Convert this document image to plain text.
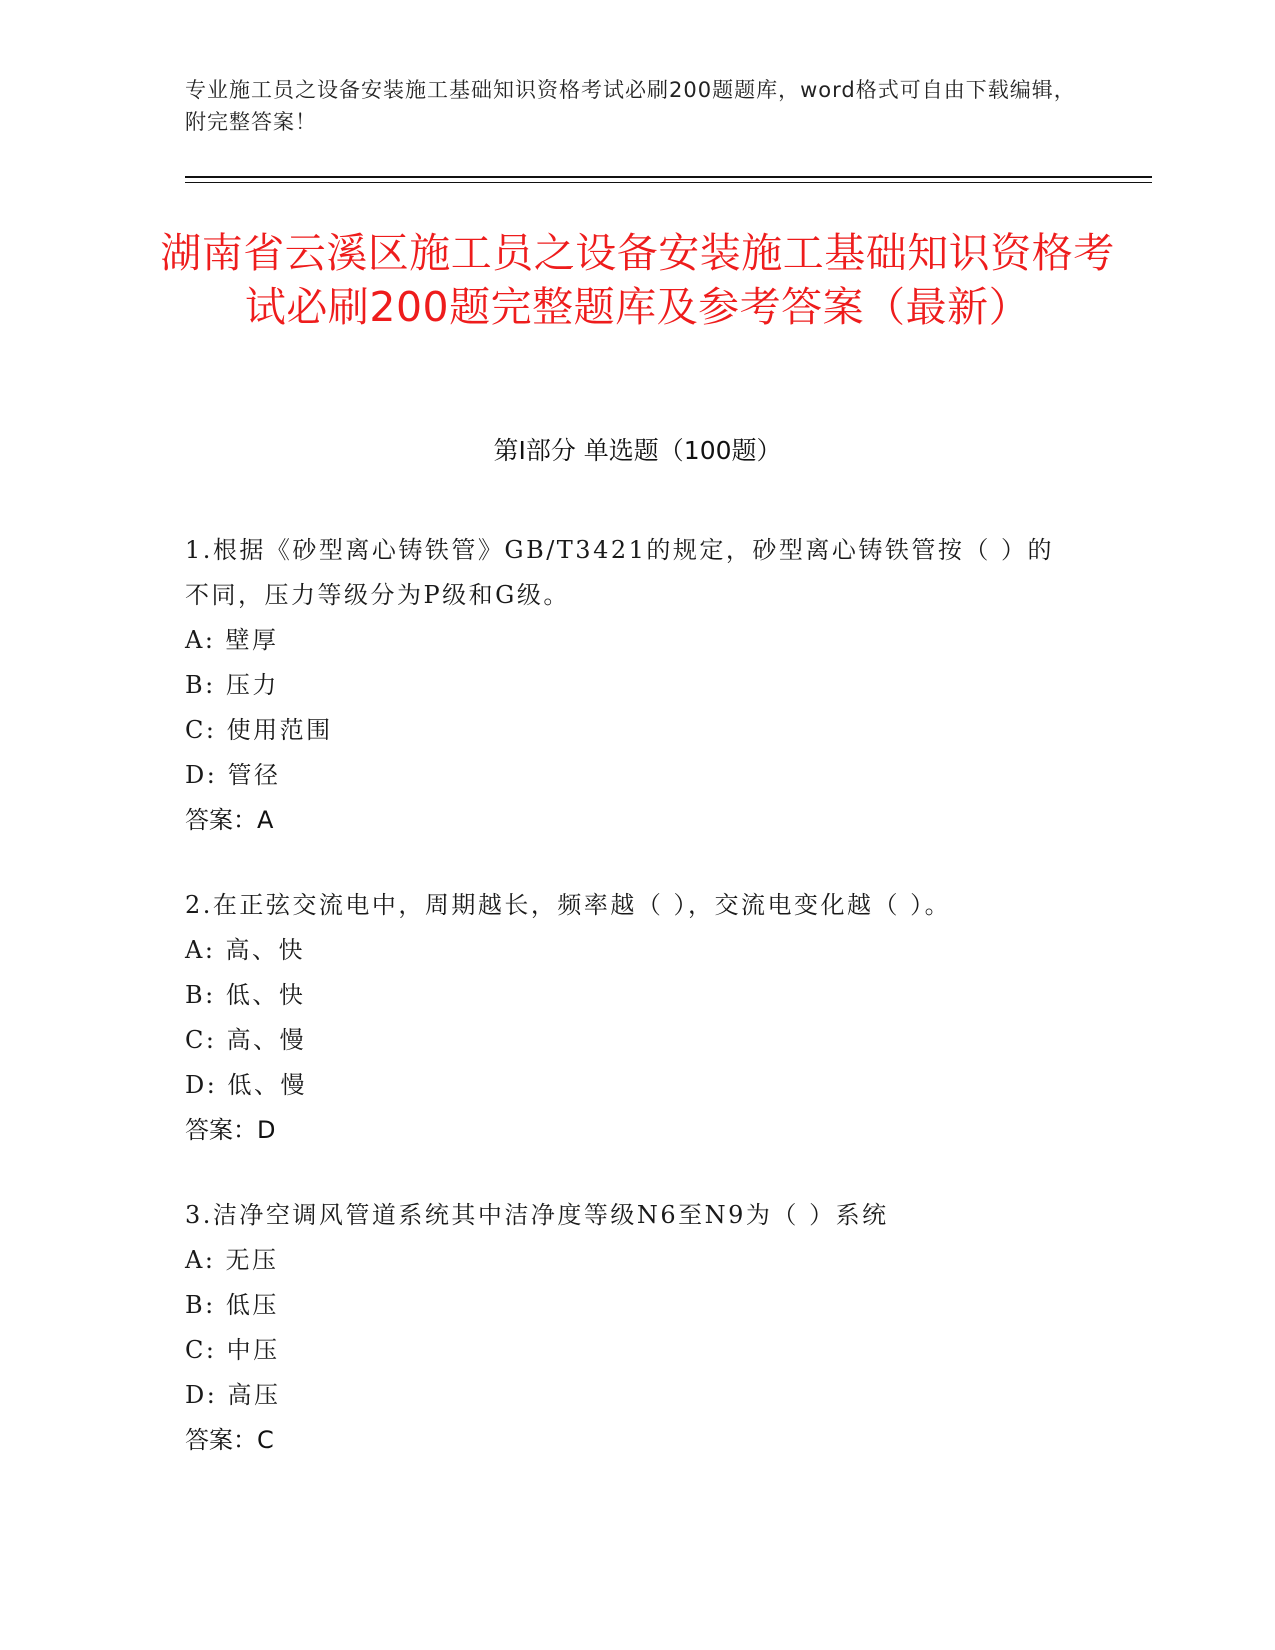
专业施工员之设备安装施工基础知识资格考试必刷200题题库，word格式可自由下载编辑，附完整答案！
湖南省云溪区施工员之设备安装施工基础知识资格考试必刷200题完整题库及参考答案（最新）
第I部分 单选题（100题）
1.根据《砂型离心铸铁管》GB/T3421的规定，砂型离心铸铁管按（ ）的不同，压力等级分为P级和G级。
A: 壁厚
B: 压力
C: 使用范围
D: 管径
答案：A
2.在正弦交流电中，周期越长，频率越（ ），交流电变化越（ ）。
A: 高、快
B: 低、快
C: 高、慢
D: 低、慢
答案：D
3.洁净空调风管道系统其中洁净度等级N6至N9为（ ）系统
A: 无压
B: 低压
C: 中压
D: 高压
答案：C
